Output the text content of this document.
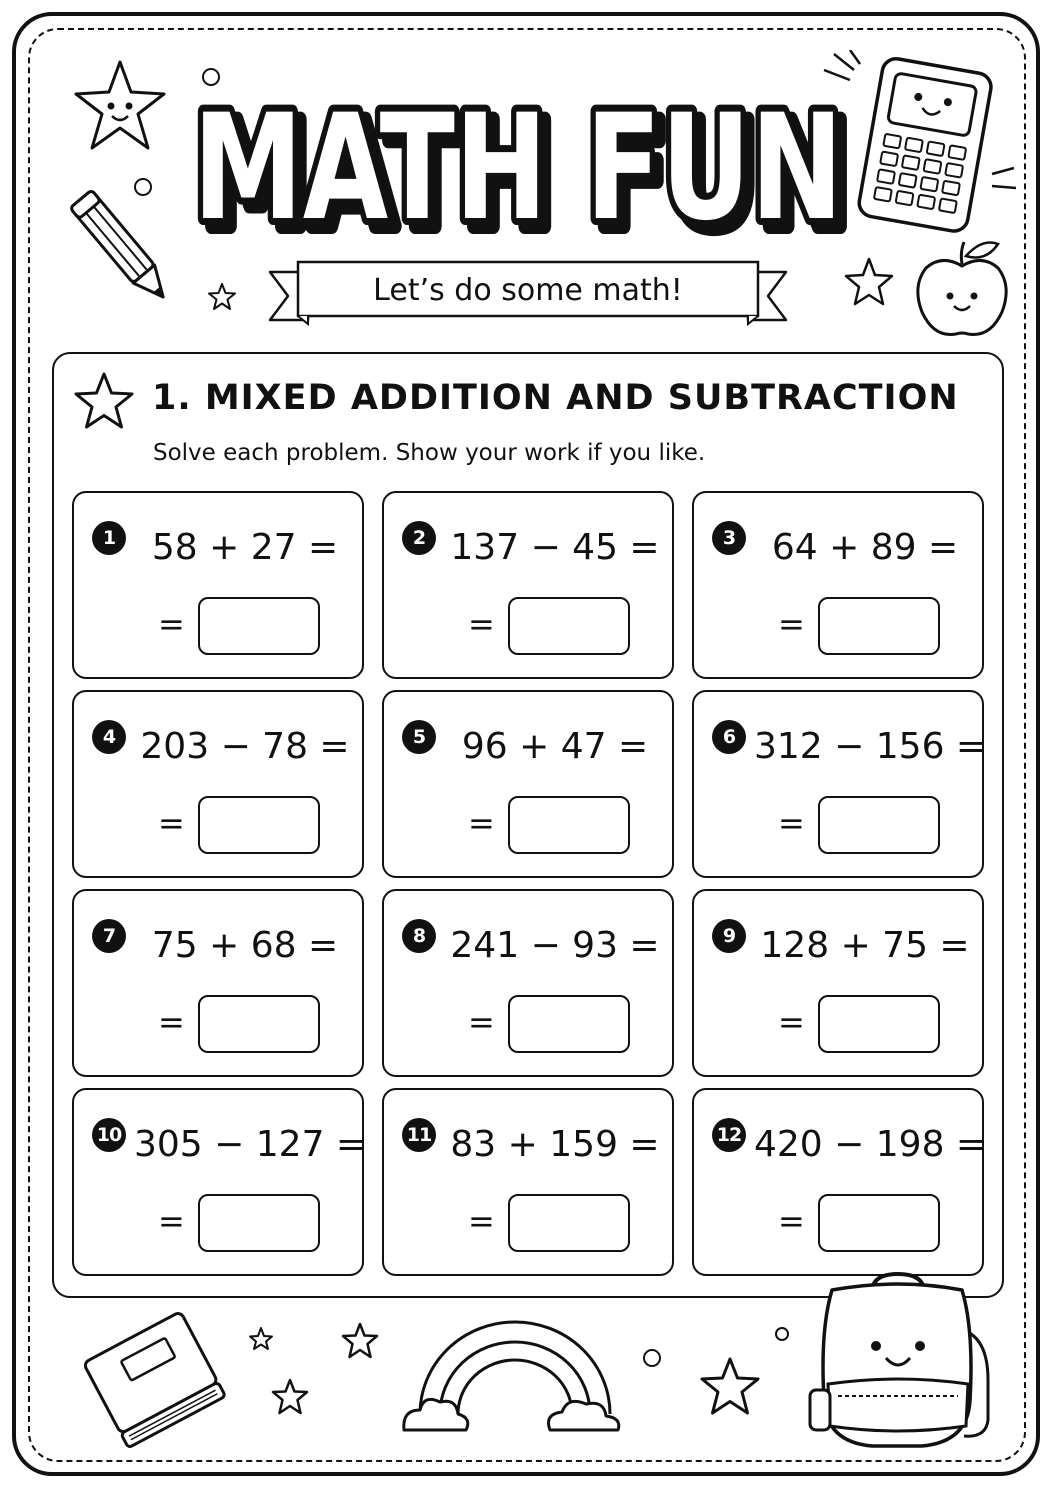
MATH FUN
MATH FUN
MATH FUN
Let’s do some math!
1. MIXED ADDITION AND SUBTRACTION
Solve each problem. Show your work if you like.
1	58 + 27 =
=
2 137 − 45 =
=
3	64 + 89 =
=
4 203 − 78 =
=
5	96 + 47 =
=
6 312 − 156 =
=
7	75 + 68 =
=
8 241 − 93 =
=
9 128 + 75 =
=
10 305 − 127 =
=
11 83 + 159 =
=
12 420 − 198 =
=
